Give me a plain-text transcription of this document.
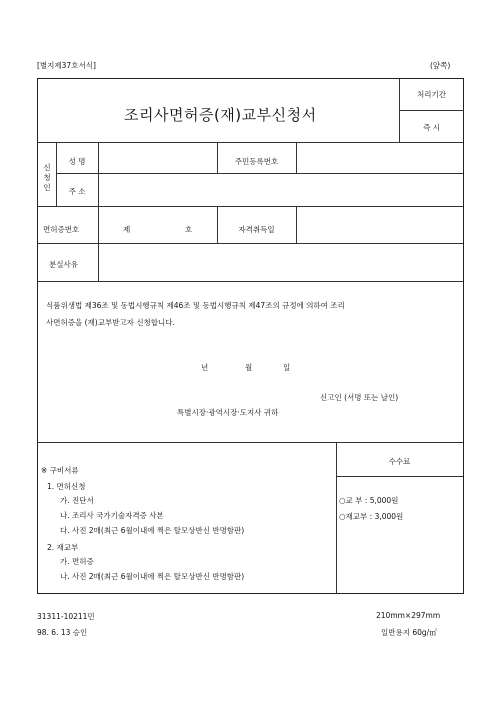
[별지제37호서식]	(앞쪽)
조리사면허증(재)교부신청서
처리기간
즉 시
신
청
인
성 명	주민등록번호
주 소
면허증번호	제	호	자격취득일
분실사유
식품위생법 제36조 및 동법시행규칙 제46조 및 동법시행규칙 제47조의 규정에 의하여 조리
사면허증을 (재)교부받고자 신청합니다.
년	월	일
신고인 (서명 또는 날인)
특별시장·광역시장·도지사 귀하
※ 구비서류
1. 면허신청
가. 진단서
나. 조리사 국가기술자격증 사본
다. 사진 2매(최근 6월이내에 찍은 탈모상반신 반명함판)
2. 재교부
가. 면허증
나. 사진 2매(최근 6월이내에 찍은 탈모상반신 반명함판)
수수료
○교 부 : 5,000원
○재교부 : 3,000원
31311-10211민
98. 6. 13 승인
210mm×297mm
일반용지 60g/㎡
